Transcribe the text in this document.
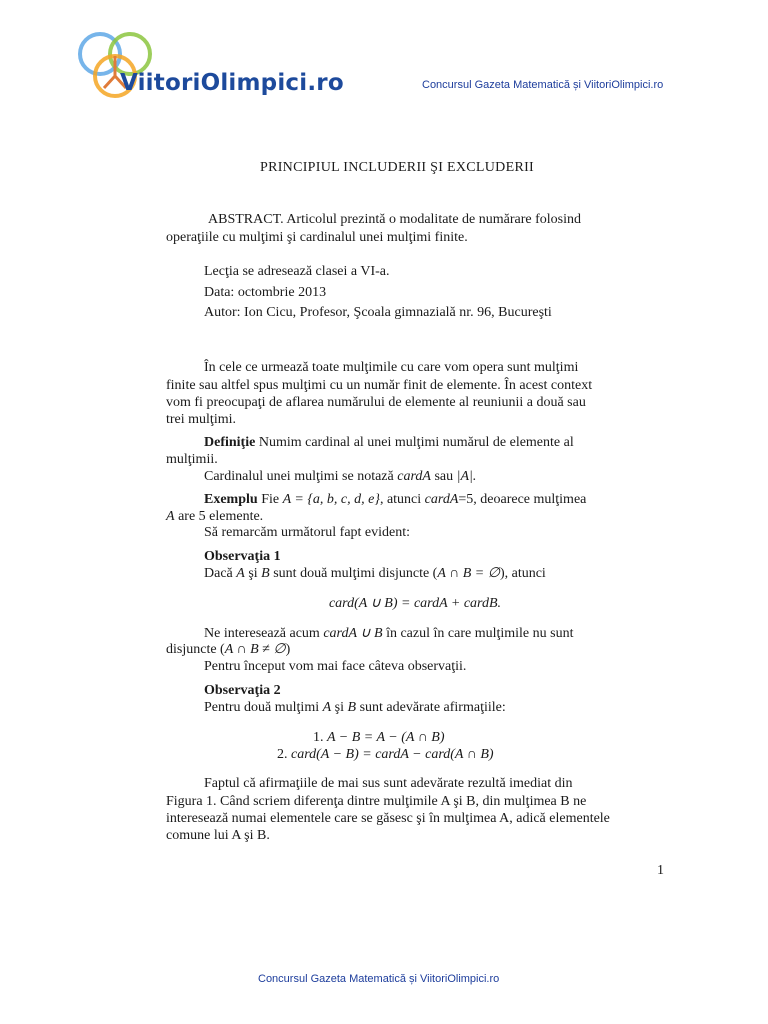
ViitoriOlimpici.ro	Concursul Gazeta Matematică și ViitoriOlimpici.ro
PRINCIPIUL INCLUDERII ŞI EXCLUDERII
ABSTRACT. Articolul prezintă o modalitate de numărare folosind
operaţiile cu mulţimi şi cardinalul unei mulţimi finite.
Lecţia se adresează clasei a VI-a.
Data: octombrie 2013
Autor: Ion Cicu, Profesor, Şcoala gimnazială nr. 96, Bucureşti
În cele ce urmează toate mulţimile cu care vom opera sunt mulţimi
finite sau altfel spus mulţimi cu un număr finit de elemente. În acest context
vom fi preocupaţi de aflarea numărului de elemente al reuniunii a două sau
trei mulţimi.
Definiţie Numim cardinal al unei mulţimi numărul de elemente al
mulţimii.
Cardinalul unei mulţimi se notază cardA sau |A|.
Exemplu Fie A = {a, b, c, d, e}, atunci cardA=5, deoarece mulţimea
A are 5 elemente.
Să remarcăm următorul fapt evident:
Observaţia 1
Dacă A şi B sunt două mulţimi disjuncte (A ∩ B = ∅), atunci
card(A ∪ B) = cardA + cardB.
Ne interesează acum cardA ∪ B în cazul în care mulţimile nu sunt
disjuncte (A ∩ B ≠ ∅)
Pentru început vom mai face câteva observaţii.
Observaţia 2
Pentru două mulţimi A şi B sunt adevărate afirmaţiile:
1. A − B = A − (A ∩ B)
2. card(A − B) = cardA − card(A ∩ B)
Faptul că afirmaţiile de mai sus sunt adevărate rezultă imediat din
Figura 1. Când scriem diferenţa dintre mulţimile A şi B, din mulţimea B ne
interesează numai elementele care se găsesc şi în mulţimea A, adică elementele
comune lui A şi B.
1
Concursul Gazeta Matematică și ViitoriOlimpici.ro
